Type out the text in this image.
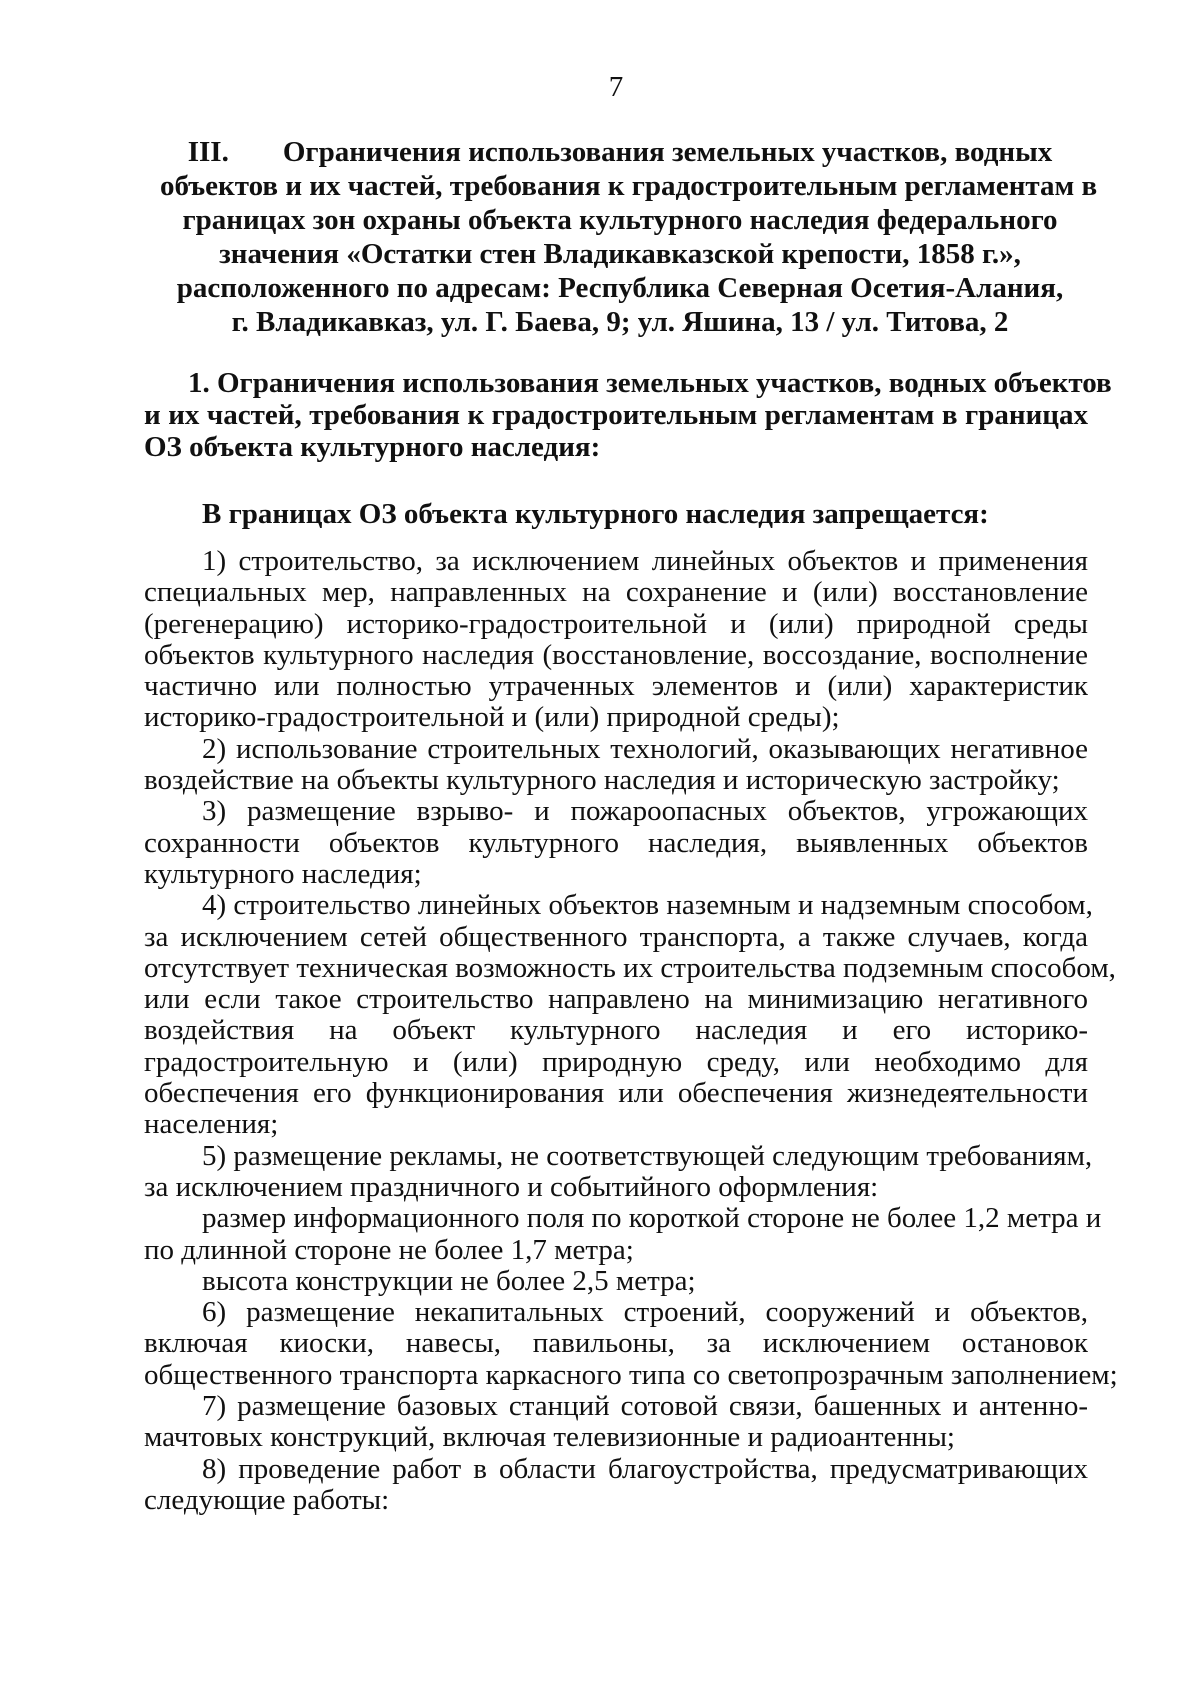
7
III. Ограничения использования земельных участков, водных
объектов и их частей, требования к градостроительным регламентам в
границах зон охраны объекта культурного наследия федерального
значения «Остатки стен Владикавказской крепости, 1858 г.»,
расположенного по адресам: Республика Северная Осетия-Алания,
г. Владикавказ, ул. Г. Баева, 9; ул. Яшина, 13 / ул. Титова, 2
1. Ограничения использования земельных участков, водных объектов
и их частей, требования к градостроительным регламентам в границах
ОЗ объекта культурного наследия:
В границах ОЗ объекта культурного наследия запрещается:
1) строительство, за исключением линейных объектов и применения
специальных мер, направленных на сохранение и (или) восстановление
(регенерацию) историко-градостроительной и (или) природной среды
объектов культурного наследия (восстановление, воссоздание, восполнение
частично или полностью утраченных элементов и (или) характеристик
историко-градостроительной и (или) природной среды);
2) использование строительных технологий, оказывающих негативное
воздействие на объекты культурного наследия и историческую застройку;
3) размещение взрыво- и пожароопасных объектов, угрожающих
сохранности объектов культурного наследия, выявленных объектов
культурного наследия;
4) строительство линейных объектов наземным и надземным способом,
за исключением сетей общественного транспорта, а также случаев, когда
отсутствует техническая возможность их строительства подземным способом,
или если такое строительство направлено на минимизацию негативного
воздействия на объект культурного наследия и его историко-
градостроительную и (или) природную среду, или необходимо для
обеспечения его функционирования или обеспечения жизнедеятельности
населения;
5) размещение рекламы, не соответствующей следующим требованиям,
за исключением праздничного и событийного оформления:
размер информационного поля по короткой стороне не более 1,2 метра и
по длинной стороне не более 1,7 метра;
высота конструкции не более 2,5 метра;
6) размещение некапитальных строений, сооружений и объектов,
включая киоски, навесы, павильоны, за исключением остановок
общественного транспорта каркасного типа со светопрозрачным заполнением;
7) размещение базовых станций сотовой связи, башенных и антенно-
мачтовых конструкций, включая телевизионные и радиоантенны;
8) проведение работ в области благоустройства, предусматривающих
следующие работы:
